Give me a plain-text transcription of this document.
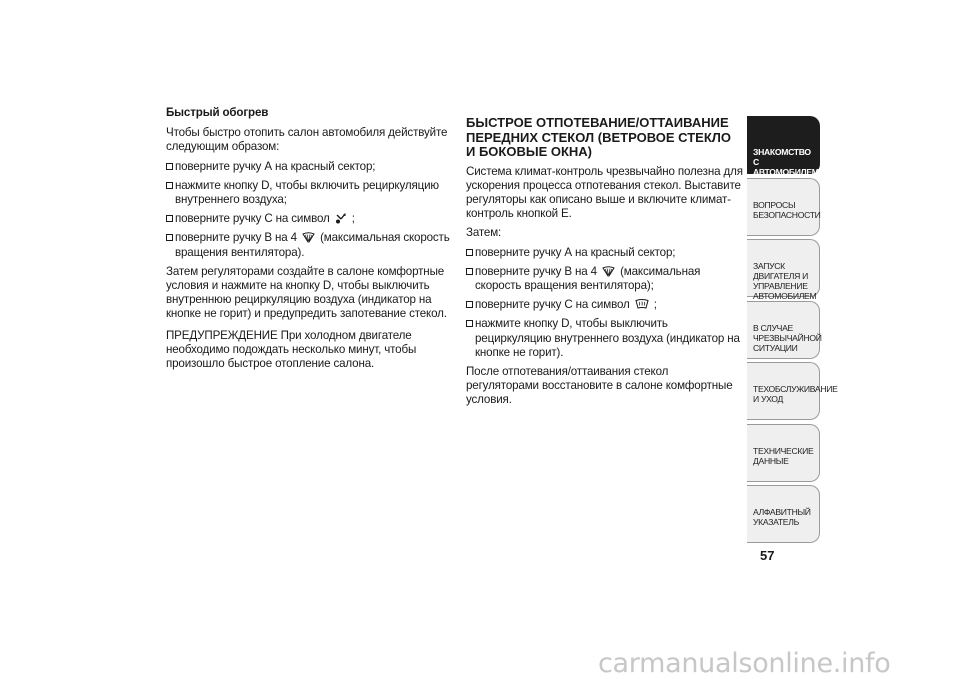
Быстрый обогрев

Чтобы быстро отопить салон автомобиля действуйте следующим образом:

поверните ручку А на красный сектор;
нажмите кнопку D, чтобы включить рециркуляцию внутреннего воздуха;
поверните ручку С на символ ;
поверните ручку В на 4 (максимальная скорость вращения вентилятора).

Затем регуляторами создайте в салоне комфортные условия и нажмите на кнопку D, чтобы выключить внутреннюю рециркуляцию воздуха (индикатор на кнопке не горит) и предупредить запотевание стекол.

ПРЕДУПРЕЖДЕНИЕ При холодном двигателе необходимо подождать несколько минут, чтобы произошло быстрое отопление салона.

БЫСТРОЕ ОТПОТЕВАНИЕ/ОТТАИВАНИЕ ПЕРЕДНИХ СТЕКОЛ (ВЕТРОВОЕ СТЕКЛО И БОКОВЫЕ ОКНА)

Система климат-контроль чрезвычайно полезна для ускорения процесса отпотевания стекол. Выставите регуляторы как описано выше и включите климат-контроль кнопкой Е.

Затем:

поверните ручку А на красный сектор;
поверните ручку В на 4 (максимальная скорость вращения вентилятора);
поверните ручку С на символ ;
нажмите кнопку D, чтобы выключить рециркуляцию внутреннего воздуха (индикатор на кнопке не горит).

После отпотевания/оттаивания стекол регуляторами восстановите в салоне комфортные условия.

ЗНАКОМСТВО С
АВТОМОБИЛЕМ
ВОПРОСЫ
БЕЗОПАСНОСТИ
ЗАПУСК ДВИГАТЕЛЯ И
УПРАВЛЕНИЕ
АВТОМОБИЛЕМ
В СЛУЧАЕ
ЧРЕЗВЫЧАЙНОЙ
СИТУАЦИИ
ТЕХОБСЛУЖИВАНИЕ
И УХОД
ТЕХНИЧЕСКИЕ
ДАННЫЕ
АЛФАВИТНЫЙ
УКАЗАТЕЛЬ
57
carmanualsonline.info
